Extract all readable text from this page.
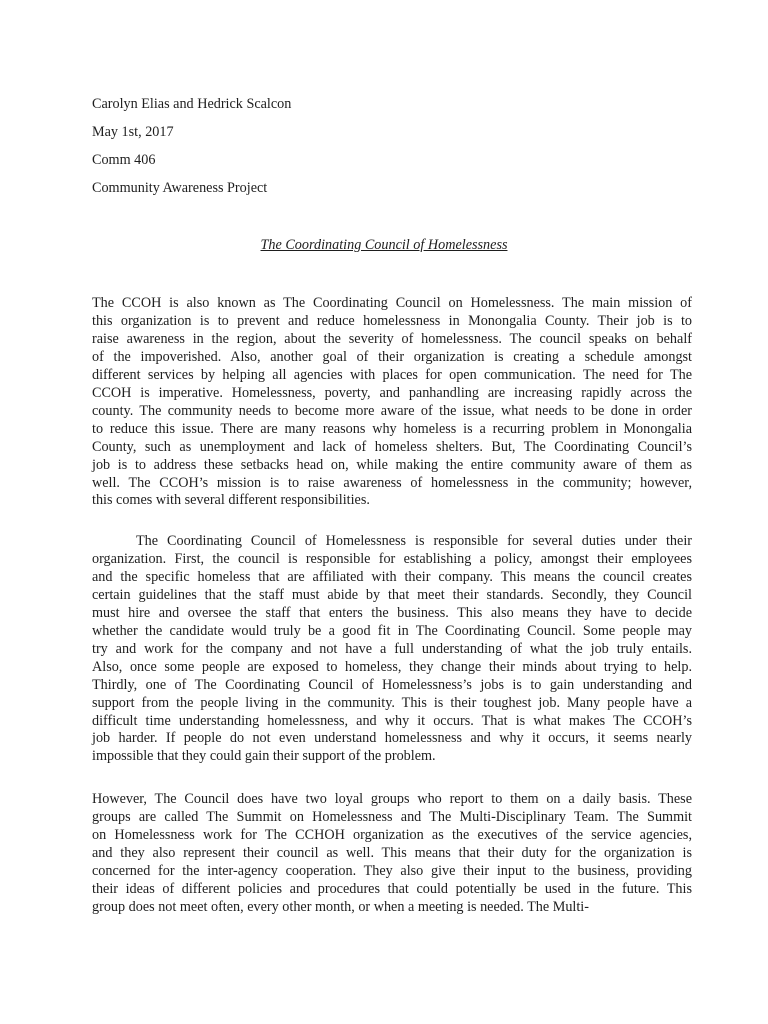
Carolyn Elias and Hedrick Scalcon
May 1st, 2017
Comm 406
Community Awareness Project
The Coordinating Council of Homelessness

The CCOH is also known as The Coordinating Council on Homelessness. The main mission of
this organization is to prevent and reduce homelessness in Monongalia County. Their job is to
raise awareness in the region, about the severity of homelessness. The council speaks on behalf
of the impoverished. Also, another goal of their organization is creating a schedule amongst
different services by helping all agencies with places for open communication. The need for The
CCOH is imperative. Homelessness, poverty, and panhandling are increasing rapidly across the
county. The community needs to become more aware of the issue, what needs to be done in order
to reduce this issue. There are many reasons why homeless is a recurring problem in Monongalia
County, such as unemployment and lack of homeless shelters. But, The Coordinating Council’s
job is to address these setbacks head on, while making the entire community aware of them as
well. The CCOH’s mission is to raise awareness of homelessness in the community; however,
this comes with several different responsibilities.

The Coordinating Council of Homelessness is responsible for several duties under their
organization. First, the council is responsible for establishing a policy, amongst their employees
and the specific homeless that are affiliated with their company. This means the council creates
certain guidelines that the staff must abide by that meet their standards. Secondly, they Council
must hire and oversee the staff that enters the business. This also means they have to decide
whether the candidate would truly be a good fit in The Coordinating Council. Some people may
try and work for the company and not have a full understanding of what the job truly entails.
Also, once some people are exposed to homeless, they change their minds about trying to help.
Thirdly, one of The Coordinating Council of Homelessness’s jobs is to gain understanding and
support from the people living in the community. This is their toughest job. Many people have a
difficult time understanding homelessness, and why it occurs. That is what makes The CCOH’s
job harder. If people do not even understand homelessness and why it occurs, it seems nearly
impossible that they could gain their support of the problem.

However, The Council does have two loyal groups who report to them on a daily basis. These
groups are called The Summit on Homelessness and The Multi-Disciplinary Team. The Summit
on Homelessness work for The CCHOH organization as the executives of the service agencies,
and they also represent their council as well. This means that their duty for the organization is
concerned for the inter-agency cooperation. They also give their input to the business, providing
their ideas of different policies and procedures that could potentially be used in the future. This
group does not meet often, every other month, or when a meeting is needed. The Multi-
